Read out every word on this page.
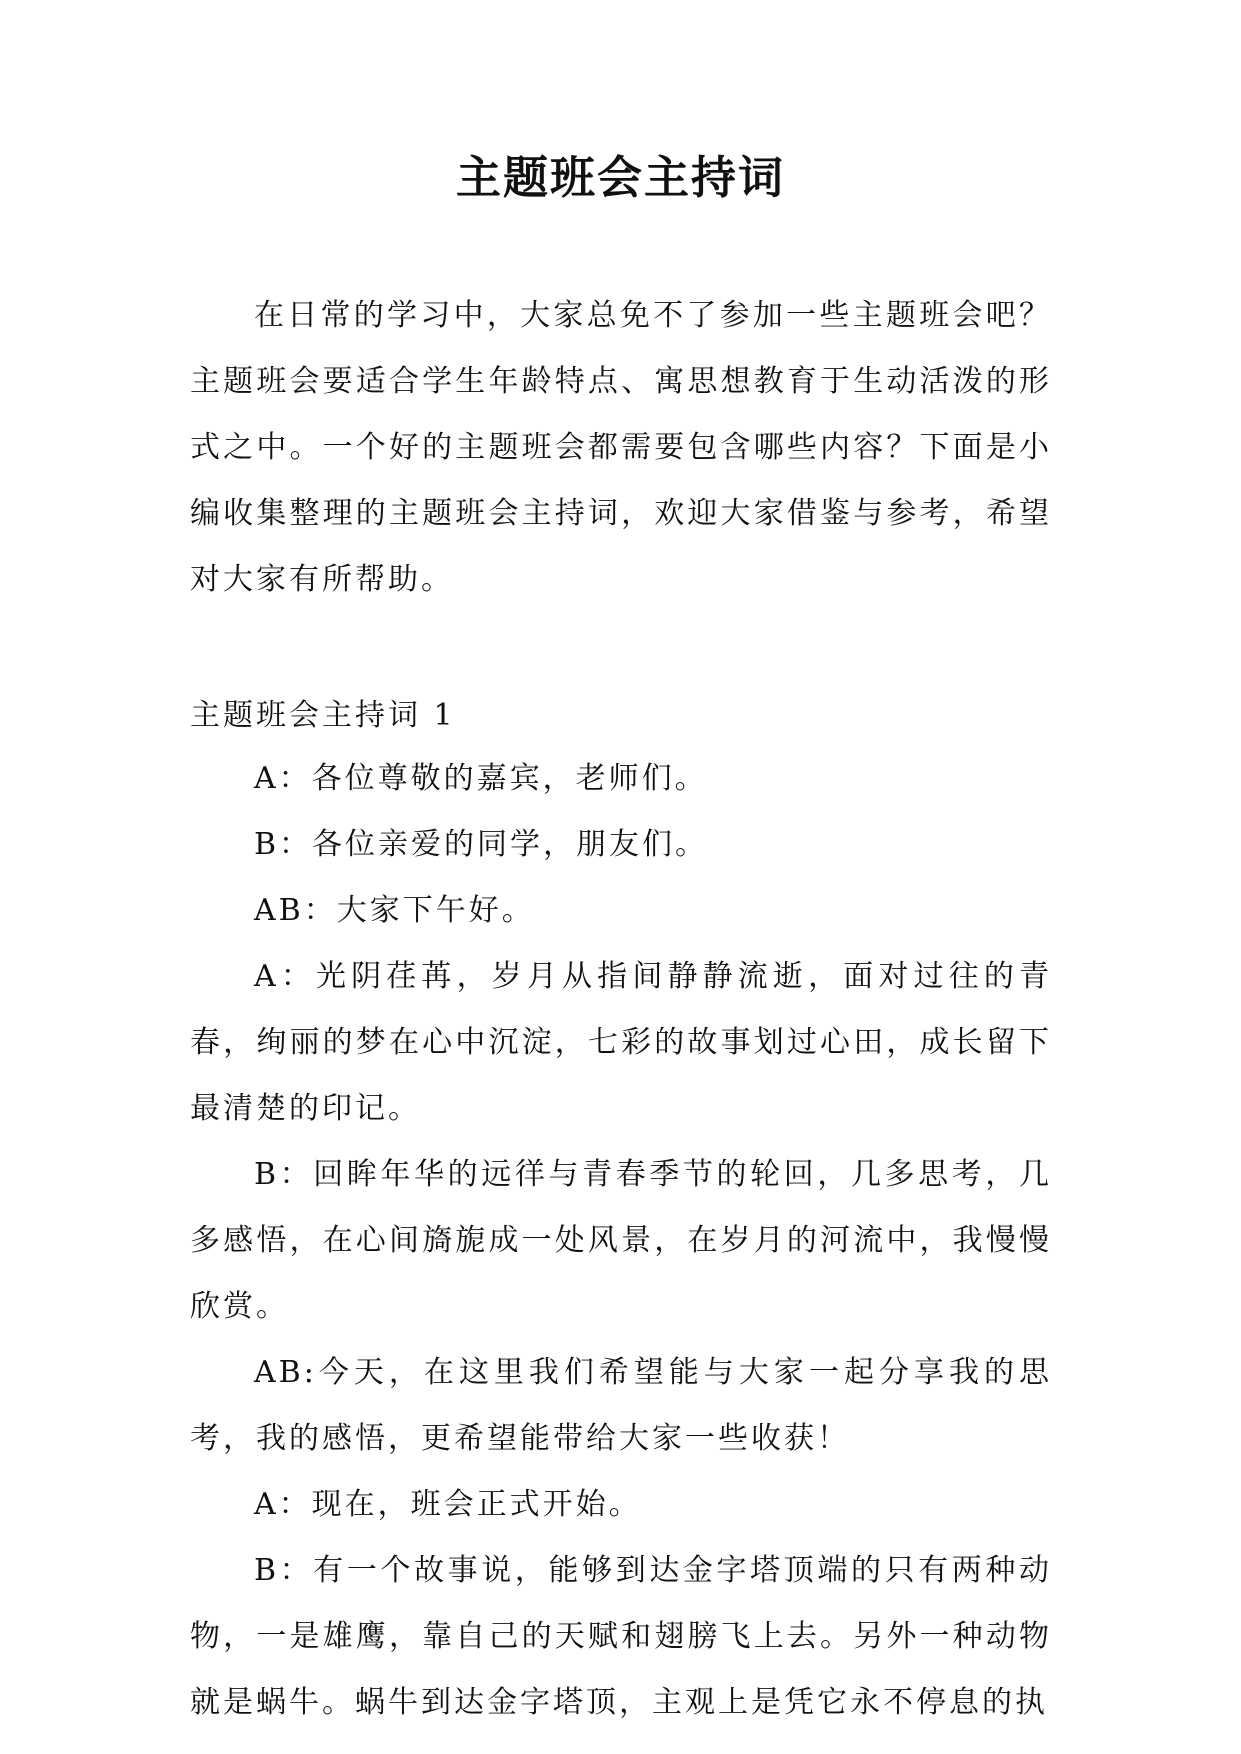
主题班会主持词

在日常的学习中，大家总免不了参加一些主题班会吧？主题班会要适合学生年龄特点、寓思想教育于生动活泼的形式之中。一个好的主题班会都需要包含哪些内容？下面是小编收集整理的主题班会主持词，欢迎大家借鉴与参考，希望对大家有所帮助。

主题班会主持词 1

A：各位尊敬的嘉宾，老师们。

B：各位亲爱的同学，朋友们。

AB：大家下午好。

A：光阴荏苒，岁月从指间静静流逝，面对过往的青春，绚丽的梦在心中沉淀，七彩的故事划过心田，成长留下最清楚的印记。

B：回眸年华的远徉与青春季节的轮回，几多思考，几多感悟，在心间旖旎成一处风景，在岁月的河流中，我慢慢欣赏。

AB:今天，在这里我们希望能与大家一起分享我的思考，我的感悟，更希望能带给大家一些收获！

A：现在，班会正式开始。

B：有一个故事说，能够到达金字塔顶端的只有两种动物，一是雄鹰，靠自己的天赋和翅膀飞上去。另外一种动物就是蜗牛。蜗牛到达金字塔顶，主观上是凭它永不停息的执
